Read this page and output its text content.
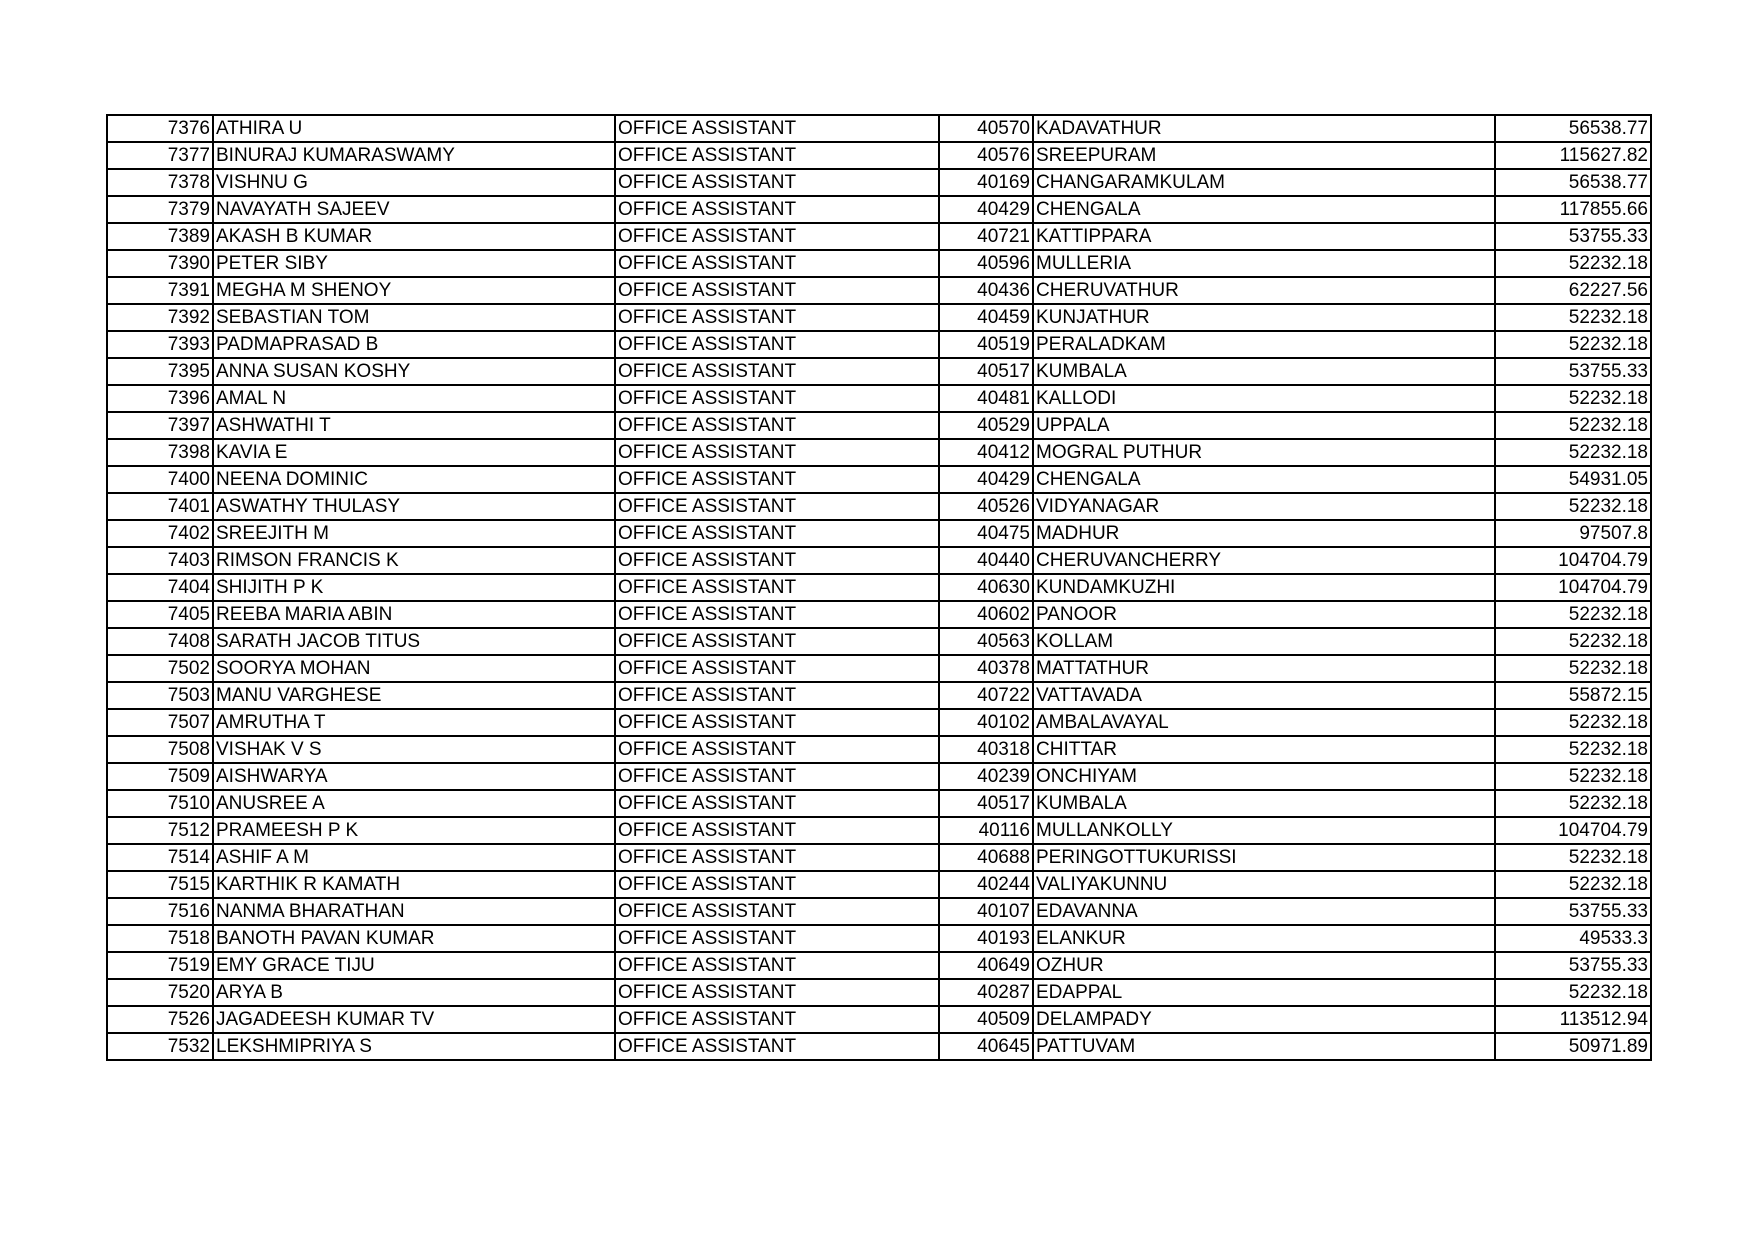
7376	ATHIRA U	OFFICE ASSISTANT	40570	KADAVATHUR	56538.77
7377	BINURAJ KUMARASWAMY	OFFICE ASSISTANT	40576	SREEPURAM	115627.82
7378	VISHNU G	OFFICE ASSISTANT	40169	CHANGARAMKULAM	56538.77
7379	NAVAYATH SAJEEV	OFFICE ASSISTANT	40429	CHENGALA	117855.66
7389	AKASH B KUMAR	OFFICE ASSISTANT	40721	KATTIPPARA	53755.33
7390	PETER SIBY	OFFICE ASSISTANT	40596	MULLERIA	52232.18
7391	MEGHA M SHENOY	OFFICE ASSISTANT	40436	CHERUVATHUR	62227.56
7392	SEBASTIAN TOM	OFFICE ASSISTANT	40459	KUNJATHUR	52232.18
7393	PADMAPRASAD B	OFFICE ASSISTANT	40519	PERALADKAM	52232.18
7395	ANNA SUSAN KOSHY	OFFICE ASSISTANT	40517	KUMBALA	53755.33
7396	AMAL N	OFFICE ASSISTANT	40481	KALLODI	52232.18
7397	ASHWATHI T	OFFICE ASSISTANT	40529	UPPALA	52232.18
7398	KAVIA E	OFFICE ASSISTANT	40412	MOGRAL PUTHUR	52232.18
7400	NEENA DOMINIC	OFFICE ASSISTANT	40429	CHENGALA	54931.05
7401	ASWATHY THULASY	OFFICE ASSISTANT	40526	VIDYANAGAR	52232.18
7402	SREEJITH M	OFFICE ASSISTANT	40475	MADHUR	97507.8
7403	RIMSON FRANCIS K	OFFICE ASSISTANT	40440	CHERUVANCHERRY	104704.79
7404	SHIJITH P K	OFFICE ASSISTANT	40630	KUNDAMKUZHI	104704.79
7405	REEBA MARIA ABIN	OFFICE ASSISTANT	40602	PANOOR	52232.18
7408	SARATH JACOB TITUS	OFFICE ASSISTANT	40563	KOLLAM	52232.18
7502	SOORYA MOHAN	OFFICE ASSISTANT	40378	MATTATHUR	52232.18
7503	MANU VARGHESE	OFFICE ASSISTANT	40722	VATTAVADA	55872.15
7507	AMRUTHA T	OFFICE ASSISTANT	40102	AMBALAVAYAL	52232.18
7508	VISHAK V S	OFFICE ASSISTANT	40318	CHITTAR	52232.18
7509	AISHWARYA	OFFICE ASSISTANT	40239	ONCHIYAM	52232.18
7510	ANUSREE A	OFFICE ASSISTANT	40517	KUMBALA	52232.18
7512	PRAMEESH P K	OFFICE ASSISTANT	40116	MULLANKOLLY	104704.79
7514	ASHIF A M	OFFICE ASSISTANT	40688	PERINGOTTUKURISSI	52232.18
7515	KARTHIK R KAMATH	OFFICE ASSISTANT	40244	VALIYAKUNNU	52232.18
7516	NANMA BHARATHAN	OFFICE ASSISTANT	40107	EDAVANNA	53755.33
7518	BANOTH PAVAN KUMAR	OFFICE ASSISTANT	40193	ELANKUR	49533.3
7519	EMY GRACE TIJU	OFFICE ASSISTANT	40649	OZHUR	53755.33
7520	ARYA B	OFFICE ASSISTANT	40287	EDAPPAL	52232.18
7526	JAGADEESH KUMAR TV	OFFICE ASSISTANT	40509	DELAMPADY	113512.94
7532	LEKSHMIPRIYA S	OFFICE ASSISTANT	40645	PATTUVAM	50971.89
